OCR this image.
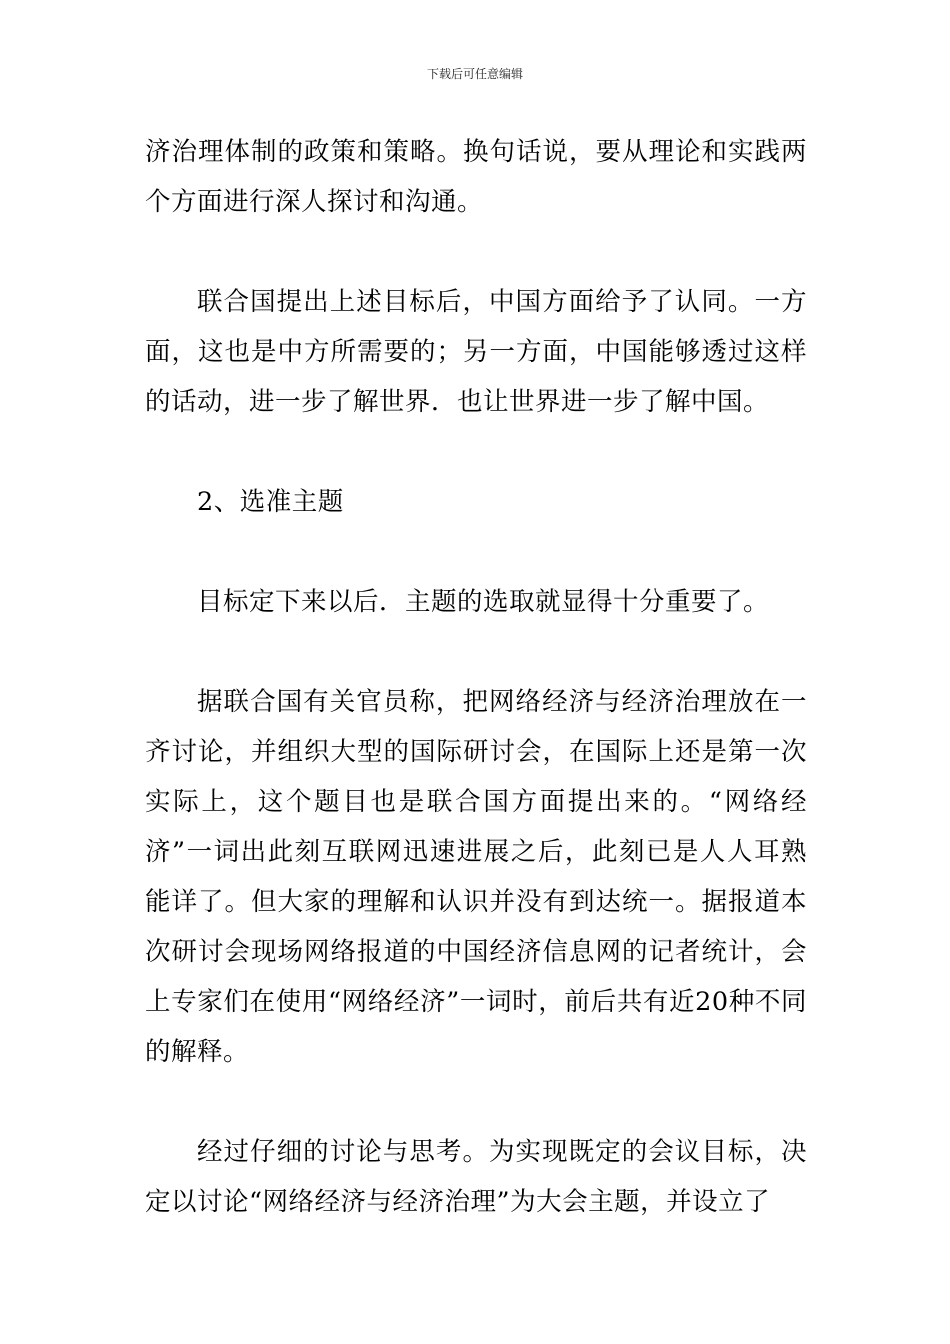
下载后可任意编辑

济治理体制的政策和策略。换句话说，要从理论和实践两个方面进行深人探讨和沟通。

联合国提出上述目标后，中国方面给予了认同。一方面，这也是中方所需要的；另一方面，中国能够透过这样的话动，进一步了解世界．也让世界进一步了解中国。

2、选准主题

目标定下来以后．主题的选取就显得十分重要了。

据联合国有关官员称，把网络经济与经济治理放在一齐讨论，并组织大型的国际研讨会，在国际上还是第一次实际上，这个题目也是联合国方面提出来的。“网络经济”一词出此刻互联网迅速进展之后，此刻已是人人耳熟能详了。但大家的理解和认识并没有到达统一。据报道本次研讨会现场网络报道的中国经济信息网的记者统计，会上专家们在使用“网络经济”一词时，前后共有近20种不同的解释。

经过仔细的讨论与思考。为实现既定的会议目标，决定以讨论“网络经济与经济治理”为大会主题，并设立了
